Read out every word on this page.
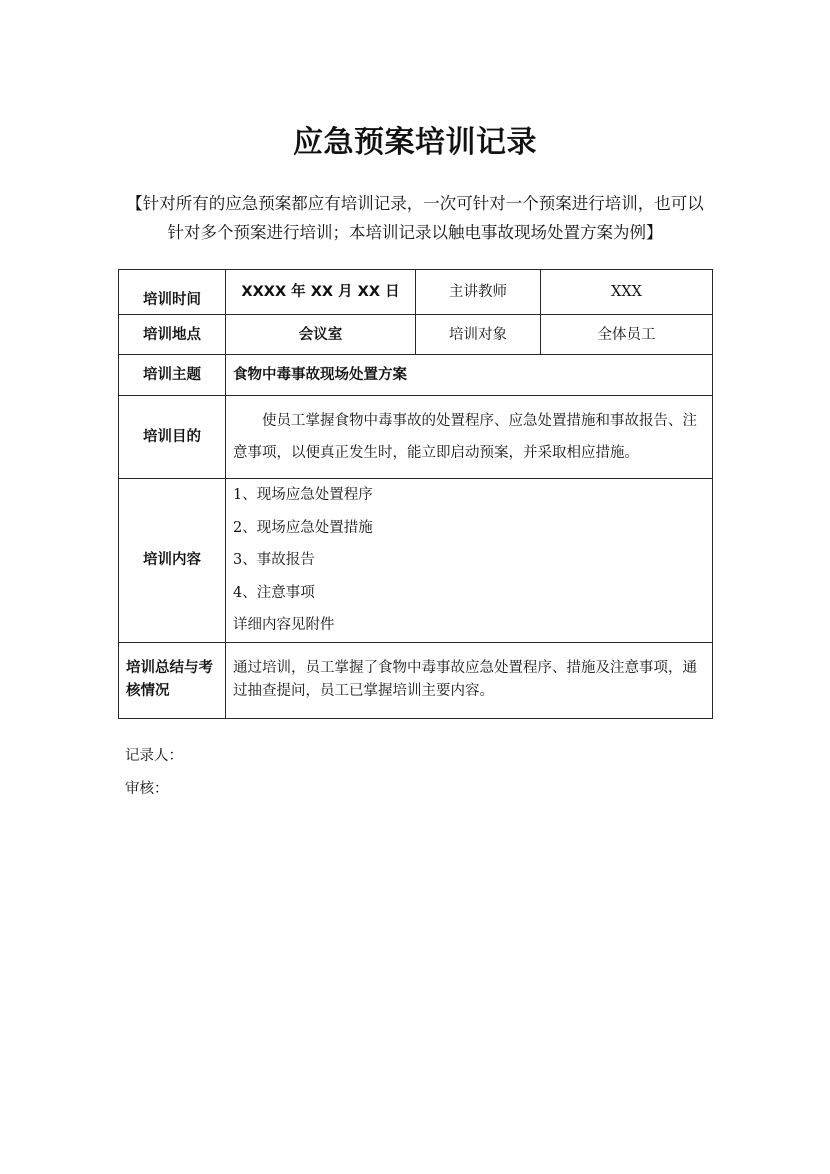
应急预案培训记录
【针对所有的应急预案都应有培训记录，一次可针对一个预案进行培训，也可以
针对多个预案进行培训；本培训记录以触电事故现场处置方案为例】
培训时间	XXXX 年 XX 月 XX 日	主讲教师	XXX
培训地点	会议室	培训对象	全体员工
培训主题	食物中毒事故现场处置方案		
培训目的	使员工掌握食物中毒事故的处置程序、应急处置措施和事故报告、注
意事项，以便真正发生时，能立即启动预案，并采取相应措施。		

培训内容	1、现场应急处置程序
2、现场应急处置措施
3、事故报告
4、注意事项
详细内容见附件		

培训总结与考核情况	通过培训，员工掌握了食物中毒事故应急处置程序、措施及注意事项，通
过抽查提问，员工已掌握培训主要内容。		
记录人：
审核：
